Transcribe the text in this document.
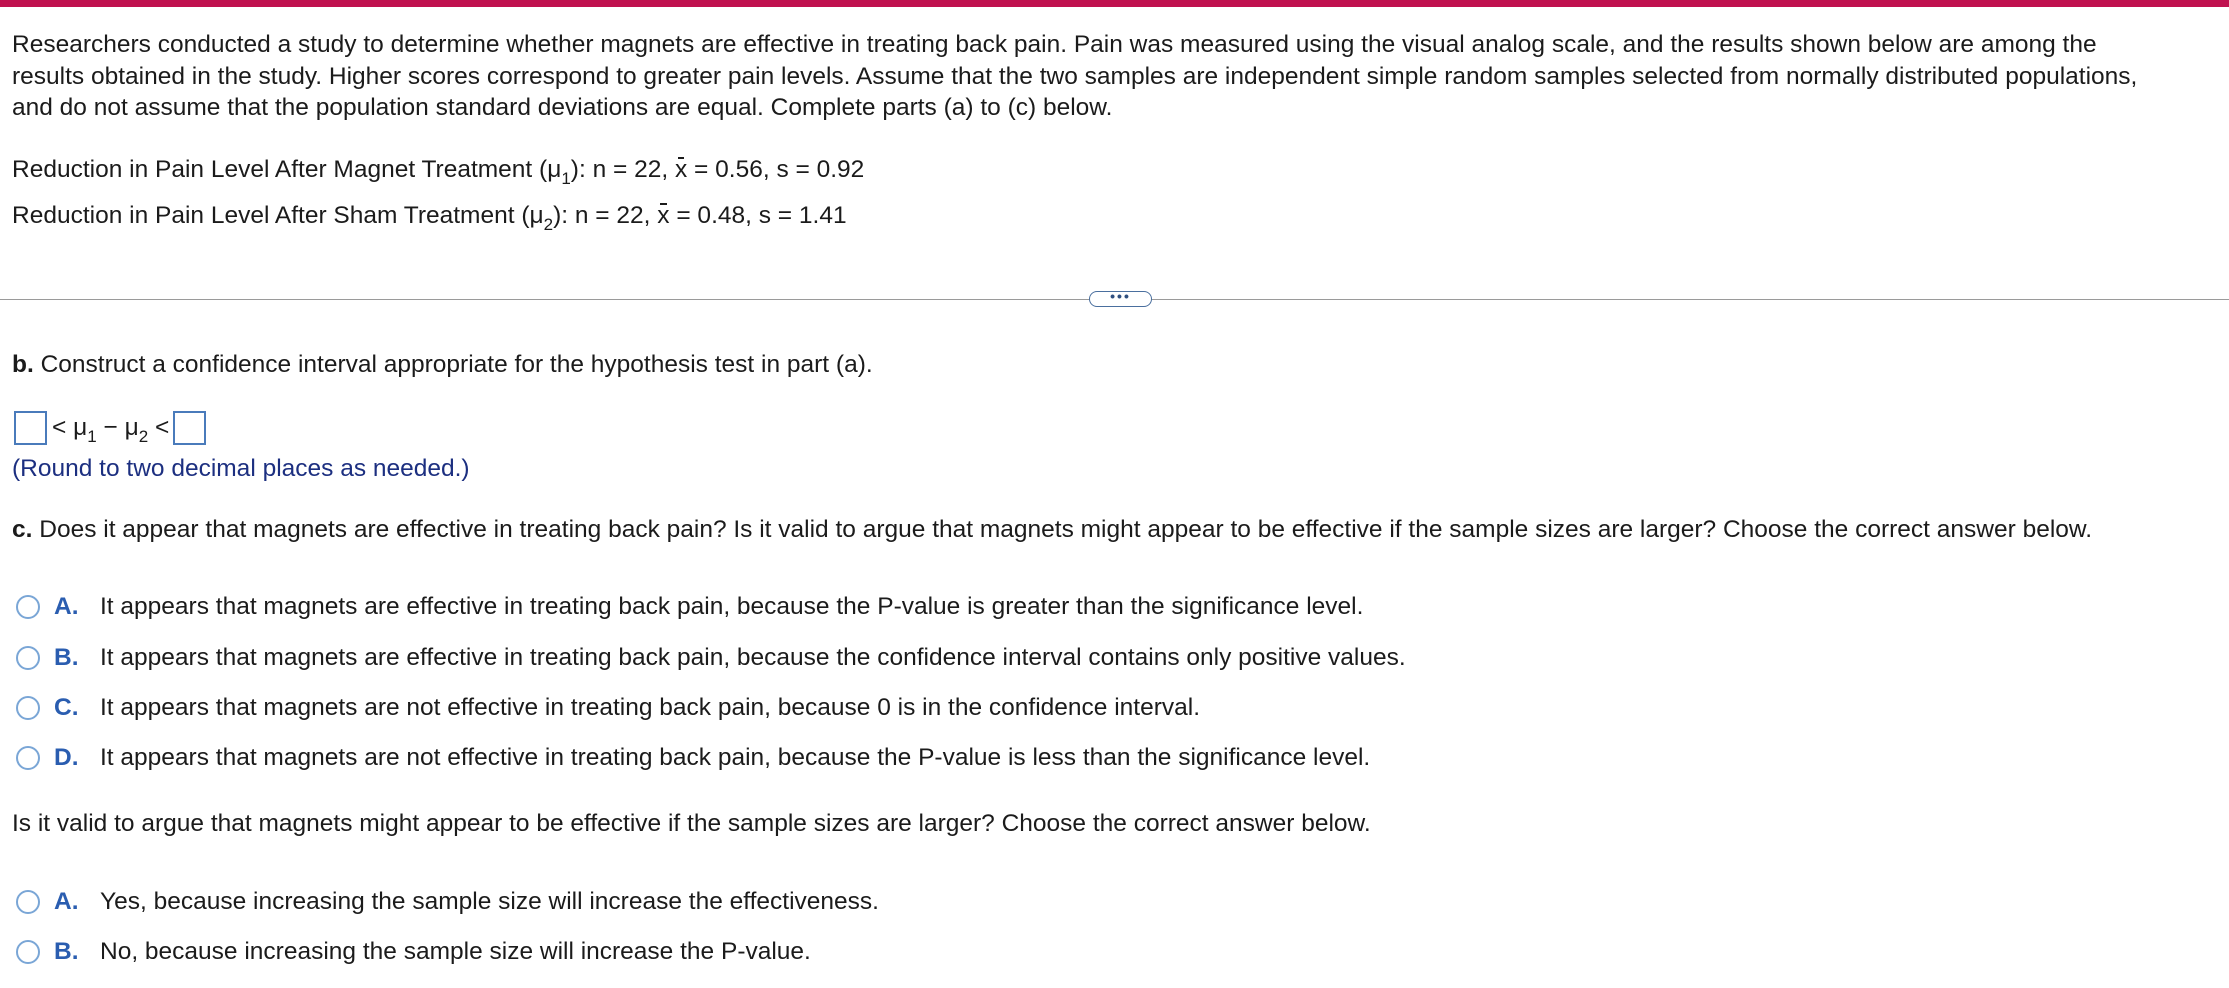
Researchers conducted a study to determine whether magnets are effective in treating back pain. Pain was measured using the visual analog scale, and the results shown below are among the
results obtained in the study. Higher scores correspond to greater pain levels. Assume that the two samples are independent simple random samples selected from normally distributed populations,
and do not assume that the population standard deviations are equal. Complete parts (a) to (c) below.
Reduction in Pain Level After Magnet Treatment $(\mu_1)$: n = 22, x = 0.56, s = 0.92
Reduction in Pain Level After Sham Treatment $(\mu_2)$: n = 22, x = 0.48, s = 1.41
•••
b. Construct a confidence interval appropriate for the hypothesis test in part (a).
< $\mu_1 - \mu_2$ <
(Round to two decimal places as needed.)
c. Does it appear that magnets are effective in treating back pain? Is it valid to argue that magnets might appear to be effective if the sample sizes are larger? Choose the correct answer below.
A. It appears that magnets are effective in treating back pain, because the P-value is greater than the significance level.
B. It appears that magnets are effective in treating back pain, because the confidence interval contains only positive values.
C. It appears that magnets are not effective in treating back pain, because 0 is in the confidence interval.
D. It appears that magnets are not effective in treating back pain, because the P-value is less than the significance level.
Is it valid to argue that magnets might appear to be effective if the sample sizes are larger? Choose the correct answer below.
A. Yes, because increasing the sample size will increase the effectiveness.
B. No, because increasing the sample size will increase the P-value.
